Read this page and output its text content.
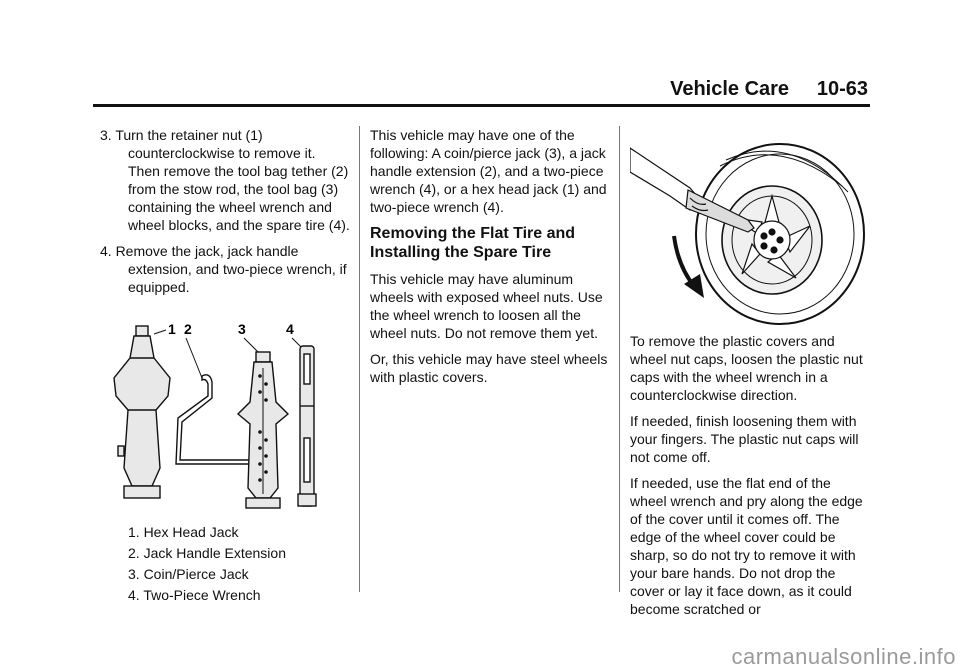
Vehicle Care     10-63
3. Turn the retainer nut (1)
counterclockwise to remove it. Then remove the tool bag tether (2) from the stow rod, the tool bag (3) containing the wheel wrench and wheel blocks, and the spare tire (4).
4. Remove the jack, jack handle
extension, and two-piece wrench, if equipped.
1 2	3	4
1. Hex Head Jack
2. Jack Handle Extension
3. Coin/Pierce Jack
4. Two-Piece Wrench

This vehicle may have one of the following: A coin/pierce jack (3), a jack handle extension (2), and a two-piece wrench (4), or a hex head jack (1) and two-piece wrench (4).

Removing the Flat Tire and Installing the Spare Tire

This vehicle may have aluminum wheels with exposed wheel nuts. Use the wheel wrench to loosen all the wheel nuts. Do not remove them yet.

Or, this vehicle may have steel wheels with plastic covers.

To remove the plastic covers and wheel nut caps, loosen the plastic nut caps with the wheel wrench in a counterclockwise direction.

If needed, finish loosening them with your fingers. The plastic nut caps will not come off.

If needed, use the flat end of the wheel wrench and pry along the edge of the cover until it comes off. The edge of the wheel cover could be sharp, so do not try to remove it with your bare hands. Do not drop the cover or lay it face down, as it could become scratched or

carmanualsonline.info
